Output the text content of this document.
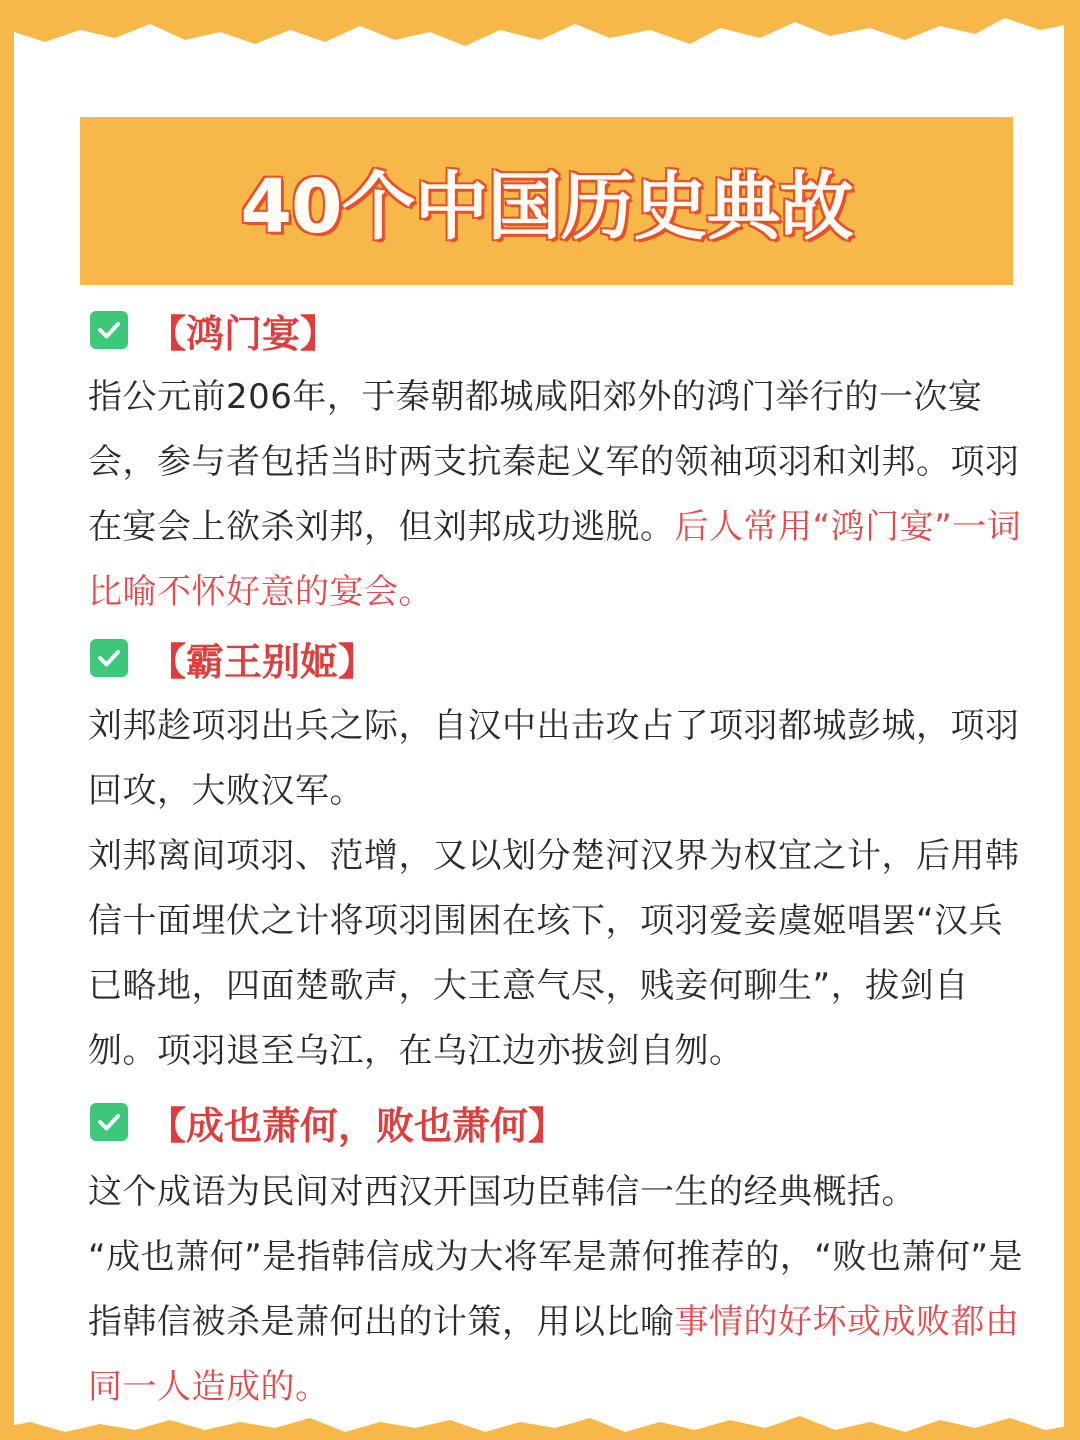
40个中国历史典故
【鸿门宴】

指公元前206年，于秦朝都城咸阳郊外的鸿门举行的一次宴会，参与者包括当时两支抗秦起义军的领袖项羽和刘邦。项羽在宴会上欲杀刘邦，但刘邦成功逃脱。后人常用“鸿门宴”一词比喻不怀好意的宴会。

【霸王别姬】

刘邦趁项羽出兵之际，自汉中出击攻占了项羽都城彭城，项羽回攻，大败汉军。

刘邦离间项羽、范增，又以划分楚河汉界为权宜之计，后用韩信十面埋伏之计将项羽围困在垓下，项羽爱妾虞姬唱罢“汉兵已略地，四面楚歌声，大王意气尽，贱妾何聊生”，拔剑自刎。项羽退至乌江，在乌江边亦拔剑自刎。

【成也萧何，败也萧何】

这个成语为民间对西汉开国功臣韩信一生的经典概括。

“成也萧何”是指韩信成为大将军是萧何推荐的，“败也萧何”是指韩信被杀是萧何出的计策，用以比喻事情的好坏或成败都由同一人造成的。
